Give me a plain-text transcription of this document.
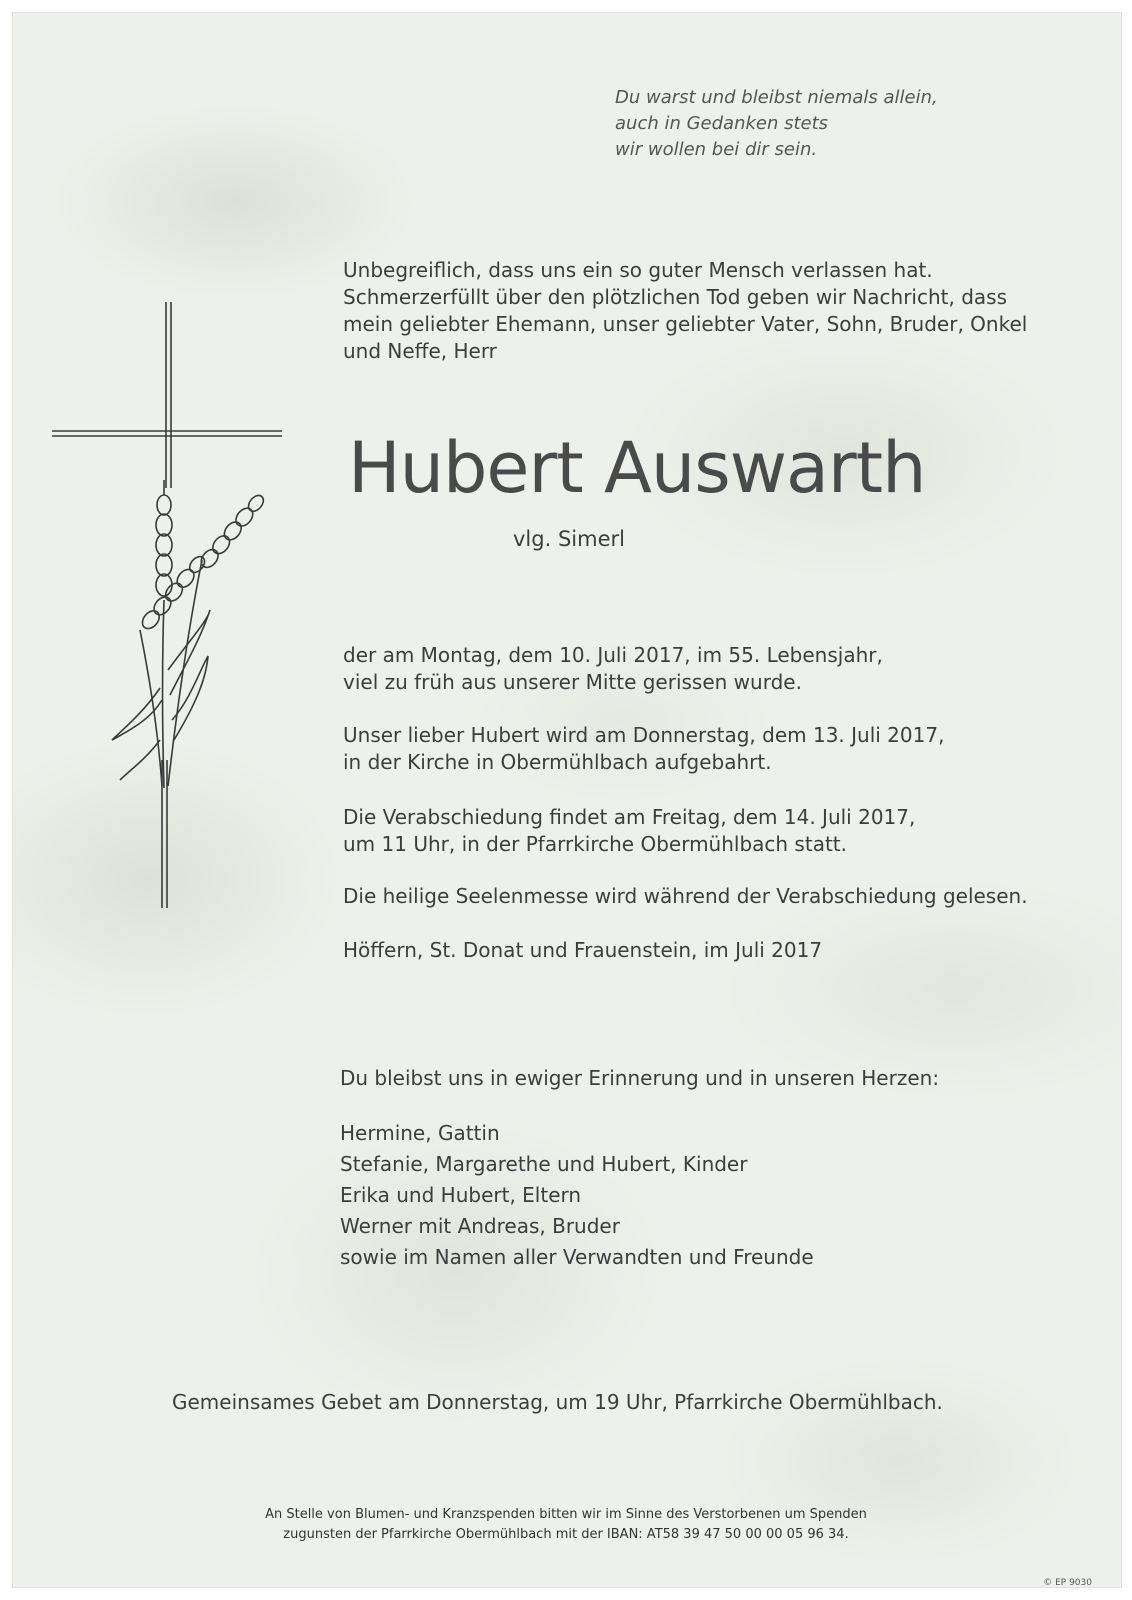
Du warst und bleibst niemals allein,
auch in Gedanken stets
wir wollen bei dir sein.
Unbegreiflich, dass uns ein so guter Mensch verlassen hat.
Schmerzerfüllt über den plötzlichen Tod geben wir Nachricht, dass
mein geliebter Ehemann, unser geliebter Vater, Sohn, Bruder, Onkel
und Neffe, Herr
Hubert Auswarth
vlg. Simerl
der am Montag, dem 10. Juli 2017, im 55. Lebensjahr,
viel zu früh aus unserer Mitte gerissen wurde.
Unser lieber Hubert wird am Donnerstag, dem 13. Juli 2017,
in der Kirche in Obermühlbach aufgebahrt.
Die Verabschiedung findet am Freitag, dem 14. Juli 2017,
um 11 Uhr, in der Pfarrkirche Obermühlbach statt.
Die heilige Seelenmesse wird während der Verabschiedung gelesen.
Höffern, St. Donat und Frauenstein, im Juli 2017
Du bleibst uns in ewiger Erinnerung und in unseren Herzen:
Hermine, Gattin
Stefanie, Margarethe und Hubert, Kinder
Erika und Hubert, Eltern
Werner mit Andreas, Bruder
sowie im Namen aller Verwandten und Freunde
Gemeinsames Gebet am Donnerstag, um 19 Uhr, Pfarrkirche Obermühlbach.
An Stelle von Blumen- und Kranzspenden bitten wir im Sinne des Verstorbenen um Spenden
zugunsten der Pfarrkirche Obermühlbach mit der IBAN: AT58 39 47 50 00 00 05 96 34.
© EP 9030
